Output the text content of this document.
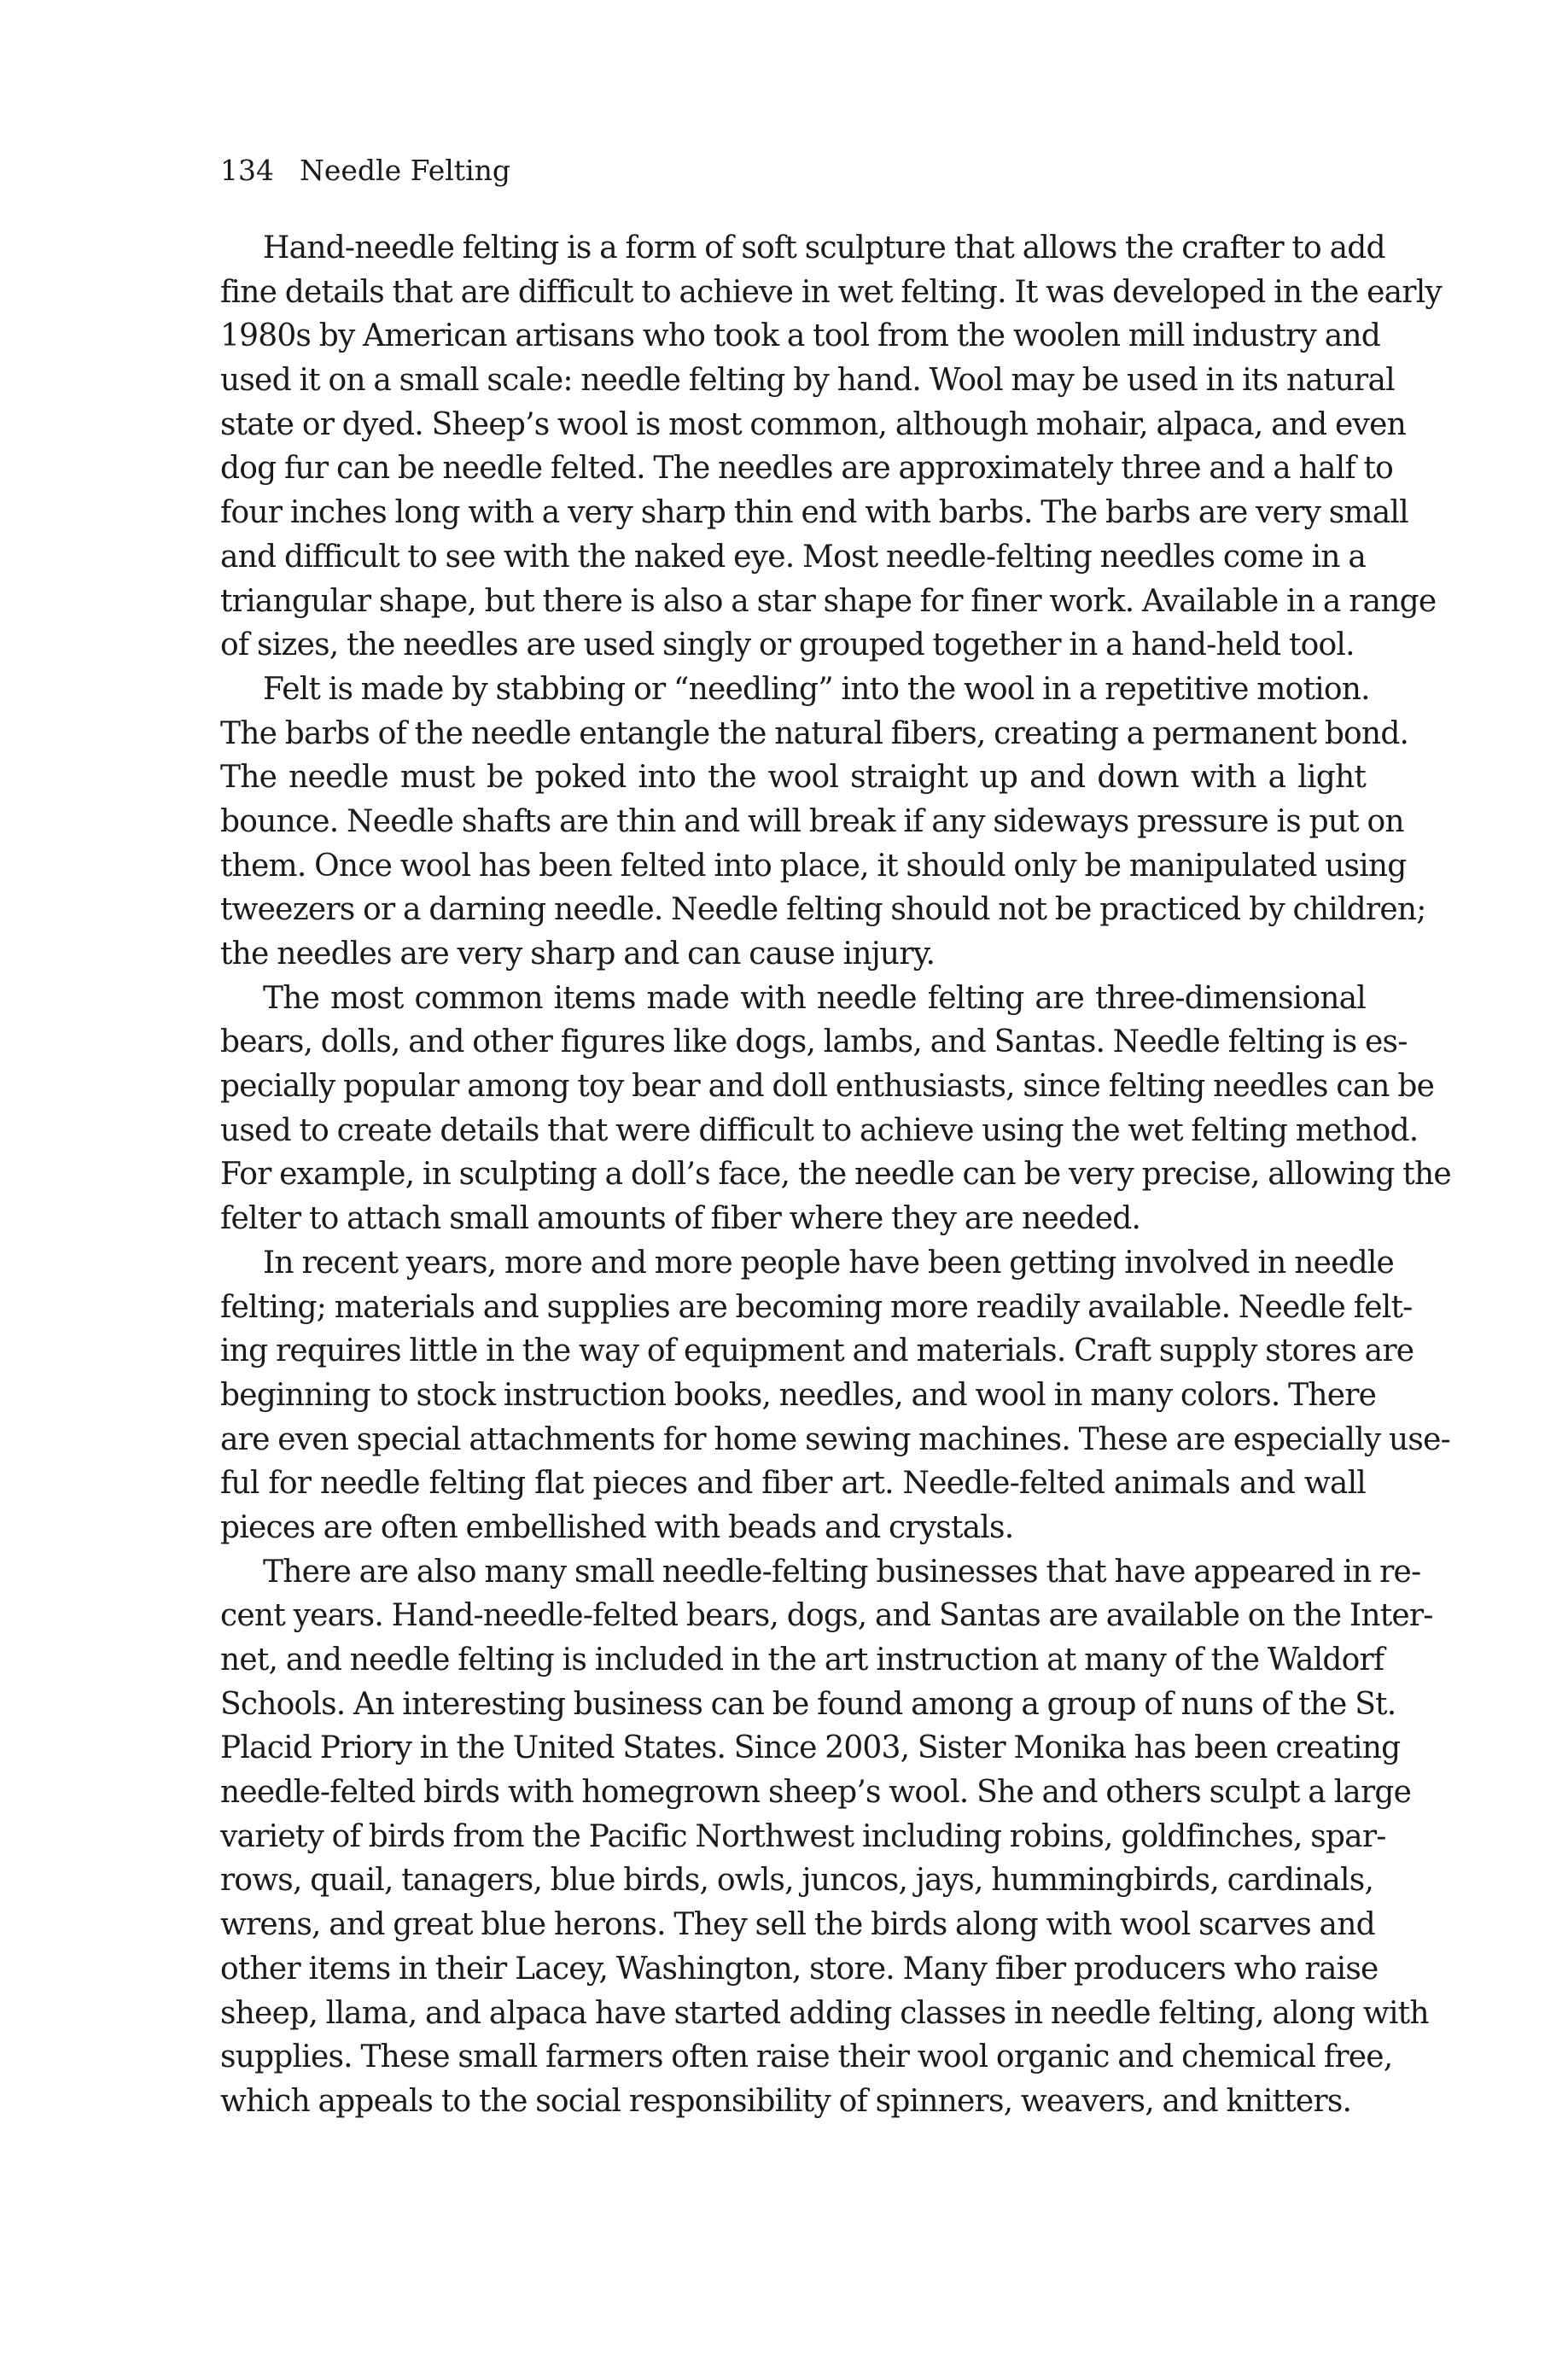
134 Needle Felting
Hand-needle felting is a form of soft sculpture that allows the crafter to add
fine details that are difficult to achieve in wet felting. It was developed in the early
1980s by American artisans who took a tool from the woolen mill industry and
used it on a small scale: needle felting by hand. Wool may be used in its natural
state or dyed. Sheep’s wool is most common, although mohair, alpaca, and even
dog fur can be needle felted. The needles are approximately three and a half to
four inches long with a very sharp thin end with barbs. The barbs are very small
and difficult to see with the naked eye. Most needle-felting needles come in a
triangular shape, but there is also a star shape for finer work. Available in a range
of sizes, the needles are used singly or grouped together in a hand-held tool.
Felt is made by stabbing or “needling” into the wool in a repetitive motion.
The barbs of the needle entangle the natural fibers, creating a permanent bond.
The needle must be poked into the wool straight up and down with a light
bounce. Needle shafts are thin and will break if any sideways pressure is put on
them. Once wool has been felted into place, it should only be manipulated using
tweezers or a darning needle. Needle felting should not be practiced by children;
the needles are very sharp and can cause injury.
The most common items made with needle felting are three-dimensional
bears, dolls, and other figures like dogs, lambs, and Santas. Needle felting is es-
pecially popular among toy bear and doll enthusiasts, since felting needles can be
used to create details that were difficult to achieve using the wet felting method.
For example, in sculpting a doll’s face, the needle can be very precise, allowing the
felter to attach small amounts of fiber where they are needed.
In recent years, more and more people have been getting involved in needle
felting; materials and supplies are becoming more readily available. Needle felt-
ing requires little in the way of equipment and materials. Craft supply stores are
beginning to stock instruction books, needles, and wool in many colors. There
are even special attachments for home sewing machines. These are especially use-
ful for needle felting flat pieces and fiber art. Needle-felted animals and wall
pieces are often embellished with beads and crystals.
There are also many small needle-felting businesses that have appeared in re-
cent years. Hand-needle-felted bears, dogs, and Santas are available on the Inter-
net, and needle felting is included in the art instruction at many of the Waldorf
Schools. An interesting business can be found among a group of nuns of the St.
Placid Priory in the United States. Since 2003, Sister Monika has been creating
needle-felted birds with homegrown sheep’s wool. She and others sculpt a large
variety of birds from the Pacific Northwest including robins, goldfinches, spar-
rows, quail, tanagers, blue birds, owls, juncos, jays, hummingbirds, cardinals,
wrens, and great blue herons. They sell the birds along with wool scarves and
other items in their Lacey, Washington, store. Many fiber producers who raise
sheep, llama, and alpaca have started adding classes in needle felting, along with
supplies. These small farmers often raise their wool organic and chemical free,
which appeals to the social responsibility of spinners, weavers, and knitters.
